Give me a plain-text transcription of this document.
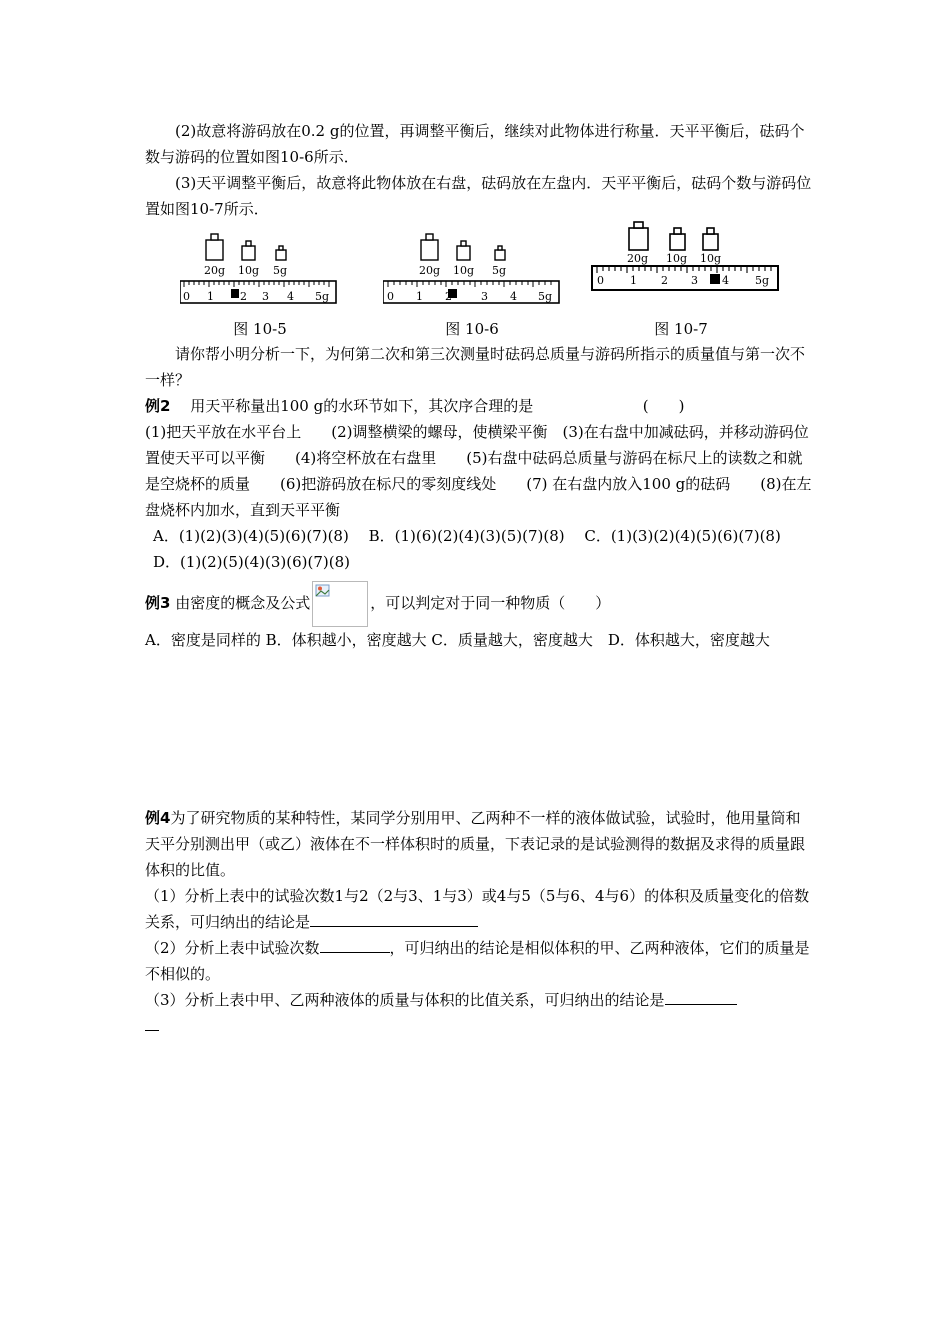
(2)故意将游码放在0.2 g的位置，再调整平衡后，继续对此物体进行称量．天平平衡后，砝码个数与游码的位置如图10-6所示．

(3)天平调整平衡后，故意将此物体放在右盘，砝码放在左盘内．天平平衡后，砝码个数与游码位置如图10-7所示．

20g 10g 5g
0 1 2 3 4 5g
图 10-5
20g 10g 5g
0 1 2	3 4 5g
图 10-6
20g 10g 10g
0 1 2 3 4 5g
图 10-7

请你帮小明分析一下，为何第二次和第三次测量时砝码总质量与游码所指示的质量值与第一次不一样？

例2　 用天平称量出100 g的水环节如下，其次序合理的是	(　　)

(1)把天平放在水平台上　　(2)调整横梁的螺母，使横梁平衡　(3)在右盘中加减砝码，并移动游码位置使天平可以平衡　　(4)将空杯放在右盘里　　(5)右盘中砝码总质量与游码在标尺上的读数之和就是空烧杯的质量　　(6)把游码放在标尺的零刻度线处　　(7) 在右盘内放入100 g的砝码　　(8)在左盘烧杯内加水，直到天平平衡

A．(1)(2)(3)(4)(5)(6)(7)(8)　 B．(1)(6)(2)(4)(3)(5)(7)(8)　 C．(1)(3)(2)(4)(5)(6)(7)(8)　　D．(1)(2)(5)(4)(3)(6)(7)(8)

例3 由密度的概念及公式	，可以判定对于同一种物质（　　）

A．密度是同样的 B．体积越小，密度越大 C．质量越大，密度越大　D．体积越大，密度越大

例4为了研究物质的某种特性，某同学分别用甲、乙两种不一样的液体做试验，试验时，他用量筒和天平分别测出甲（或乙）液体在不一样体积时的质量，下表记录的是试验测得的数据及求得的质量跟体积的比值。

（1）分析上表中的试验次数1与2（2与3、1与3）或4与5（5与6、4与6）的体积及质量变化的倍数关系，可归纳出的结论是

（2）分析上表中试验次数	，可归纳出的结论是相似体积的甲、乙两种液体，它们的质量是不相似的。

（3）分析上表中甲、乙两种液体的质量与体积的比值关系，可归纳出的结论是
